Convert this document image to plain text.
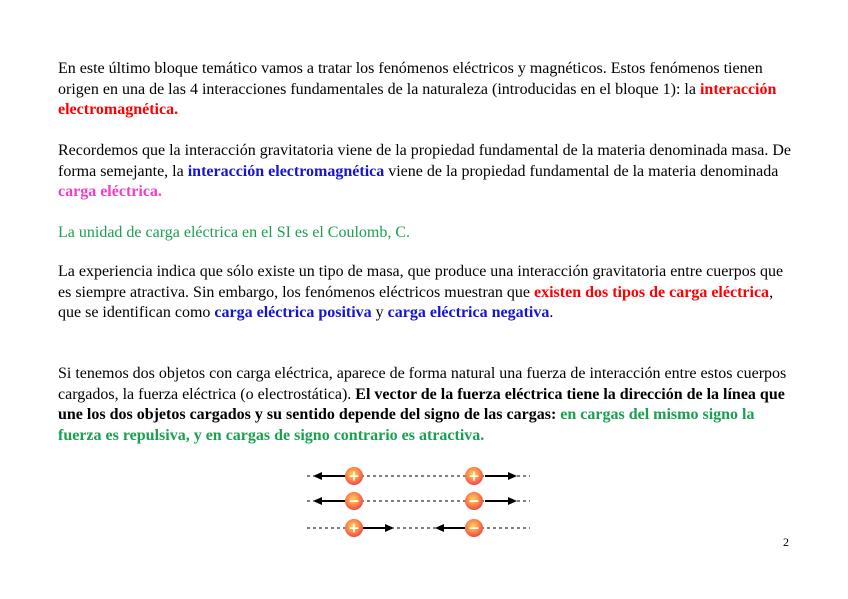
En este último bloque temático vamos a tratar los fenómenos eléctricos y magnéticos. Estos fenómenos tienen origen en una de las 4 interacciones fundamentales de la naturaleza (introducidas en el bloque 1): la interacción electromagnética.

Recordemos que la interacción gravitatoria viene de la propiedad fundamental de la materia denominada masa. De forma semejante, la interacción electromagnética viene de la propiedad fundamental de la materia denominada carga eléctrica.

La unidad de carga eléctrica en el SI es el Coulomb, C.

La experiencia indica que sólo existe un tipo de masa, que produce una interacción gravitatoria entre cuerpos que es siempre atractiva. Sin embargo, los fenómenos eléctricos muestran que existen dos tipos de carga eléctrica, que se identifican como carga eléctrica positiva y carga eléctrica negativa.

Si tenemos dos objetos con carga eléctrica, aparece de forma natural una fuerza de interacción entre estos cuerpos cargados, la fuerza eléctrica (o electrostática). El vector de la fuerza eléctrica tiene la dirección de la línea que une los dos objetos cargados y su sentido depende del signo de las cargas: en cargas del mismo signo la fuerza es repulsiva, y en cargas de signo contrario es atractiva.

+	+
−	−
+	−
2
